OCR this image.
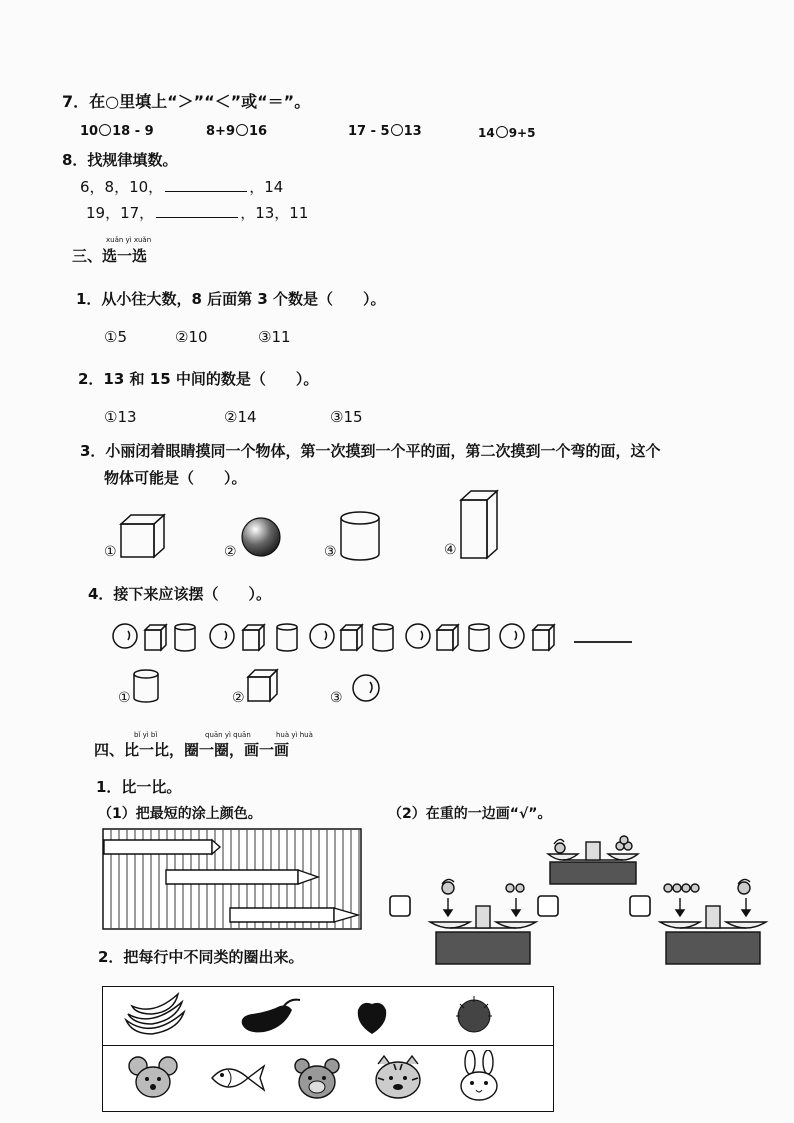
7．在○里填上“＞”“＜”或“＝”。
10 18 - 9	8+9 16	17 - 5 13	14 9+5
8．找规律填数。
6，8，10，	，14
19，17，	，13，11
xuǎn yì xuǎn
三、选一选
1．从小往大数，8 后面第 3 个数是（　　）。
①5	②10	③11
2．13 和 15 中间的数是（　　）。
①13	②14	③15
3．小丽闭着眼睛摸同一个物体，第一次摸到一个平的面，第二次摸到一个弯的面，这个
物体可能是（　　）。
①	②	③	④
4．接下来应该摆（　　）。
①	②	③
bǐ yì bǐ	quān yì quān	huà yì huà
四、比一比，圈一圈，画一画
1．比一比。
（1）把最短的涂上颜色。	（2）在重的一边画“√”。
2．把每行中不同类的圈出来。
